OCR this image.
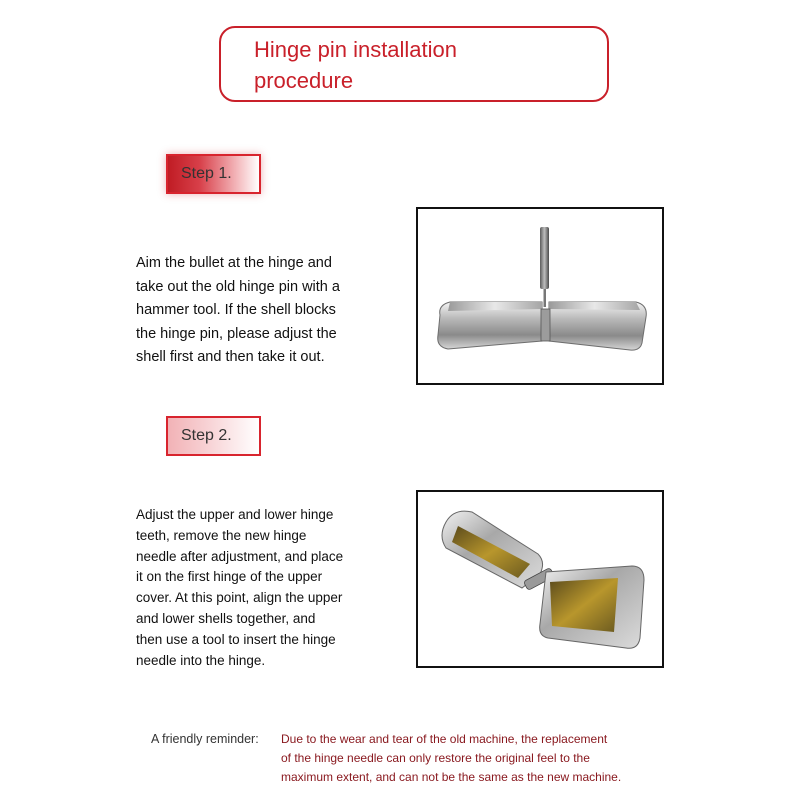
Hinge pin installation
procedure
Step 1.
Aim the bullet at the hinge and
take out the old hinge pin with a
hammer tool. If the shell blocks
the hinge pin, please adjust the
shell first and then take it out.
Step 2.
Adjust the upper and lower hinge
teeth, remove the new hinge
needle after adjustment, and place
it on the first hinge of the upper
cover. At this point, align the upper
and lower shells together, and
then use a tool to insert the hinge
needle into the hinge.
A friendly reminder: Due to the wear and tear of the old machine, the replacement
of the hinge needle can only restore the original feel to the
maximum extent, and can not be the same as the new machine.
